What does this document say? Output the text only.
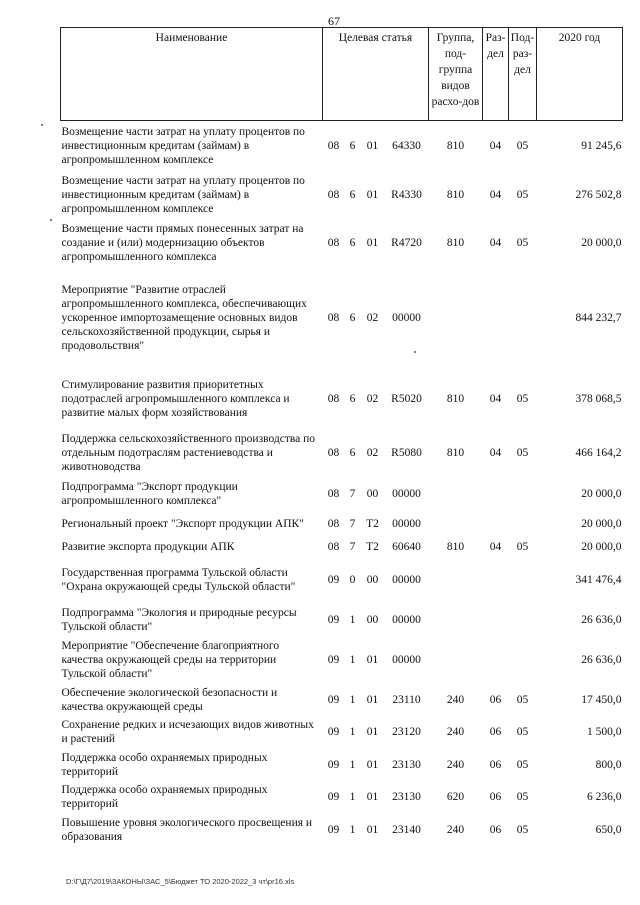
67
Наименование	Целевая статья				Группа, под-группа видов расхо-дов	Раз-дел	Под-раз-дел	2020 год
Возмещение части затрат на уплату процентов по инвестиционным кредитам (займам) в агропромышленном комплексе	08	6	01	64330	810	04	05	91 245,6
Возмещение части затрат на уплату процентов по инвестиционным кредитам (займам) в агропромышленном комплексе	08	6	01	R4330	810	04	05	276 502,8
Возмещение части прямых понесенных затрат на создание и (или) модернизацию объектов агропромышленного комплекса	08	6	01	R4720	810	04	05	20 000,0
Мероприятие "Развитие отраслей агропромышленного комплекса, обеспечивающих ускоренное импортозамещение основных видов сельскохозяйственной продукции, сырья и продовольствия"	08	6	02	00000				844 232,7
Стимулирование развития приоритетных подотраслей агропромышленного комплекса и развитие малых форм хозяйствования	08	6	02	R5020	810	04	05	378 068,5
Поддержка сельскохозяйственного производства по отдельным подотраслям растениеводства и животноводства	08	6	02	R5080	810	04	05	466 164,2
Подпрограмма "Экспорт продукции агропромышленного комплекса"	08	7	00	00000				20 000,0
Региональный проект "Экспорт продукции АПК"	08	7	T2	00000				20 000,0
Развитие экспорта продукции АПК	08	7	T2	60640	810	04	05	20 000,0
Государственная программа Тульской области "Охрана окружающей среды Тульской области"	09	0	00	00000				341 476,4
Подпрограмма "Экология и природные ресурсы Тульской области"	09	1	00	00000				26 636,0
Мероприятие "Обеспечение благоприятного качества окружающей среды на территории Тульской области"	09	1	01	00000				26 636,0
Обеспечение экологической безопасности и качества окружающей среды	09	1	01	23110	240	06	05	17 450,0
Сохранение редких и исчезающих видов животных и растений	09	1	01	23120	240	06	05	1 500,0
Поддержка особо охраняемых природных территорий	09	1	01	23130	240	06	05	800,0
Поддержка особо охраняемых природных территорий	09	1	01	23130	620	06	05	6 236,0
Повышение уровня экологического просвещения и образования	09	1	01	23140	240	06	05	650,0
D:\Г\Д7\2019\ЗАКОНЫ\ЗАС_5\Бюджет ТО 2020-2022_3 чт\pr16.xls
